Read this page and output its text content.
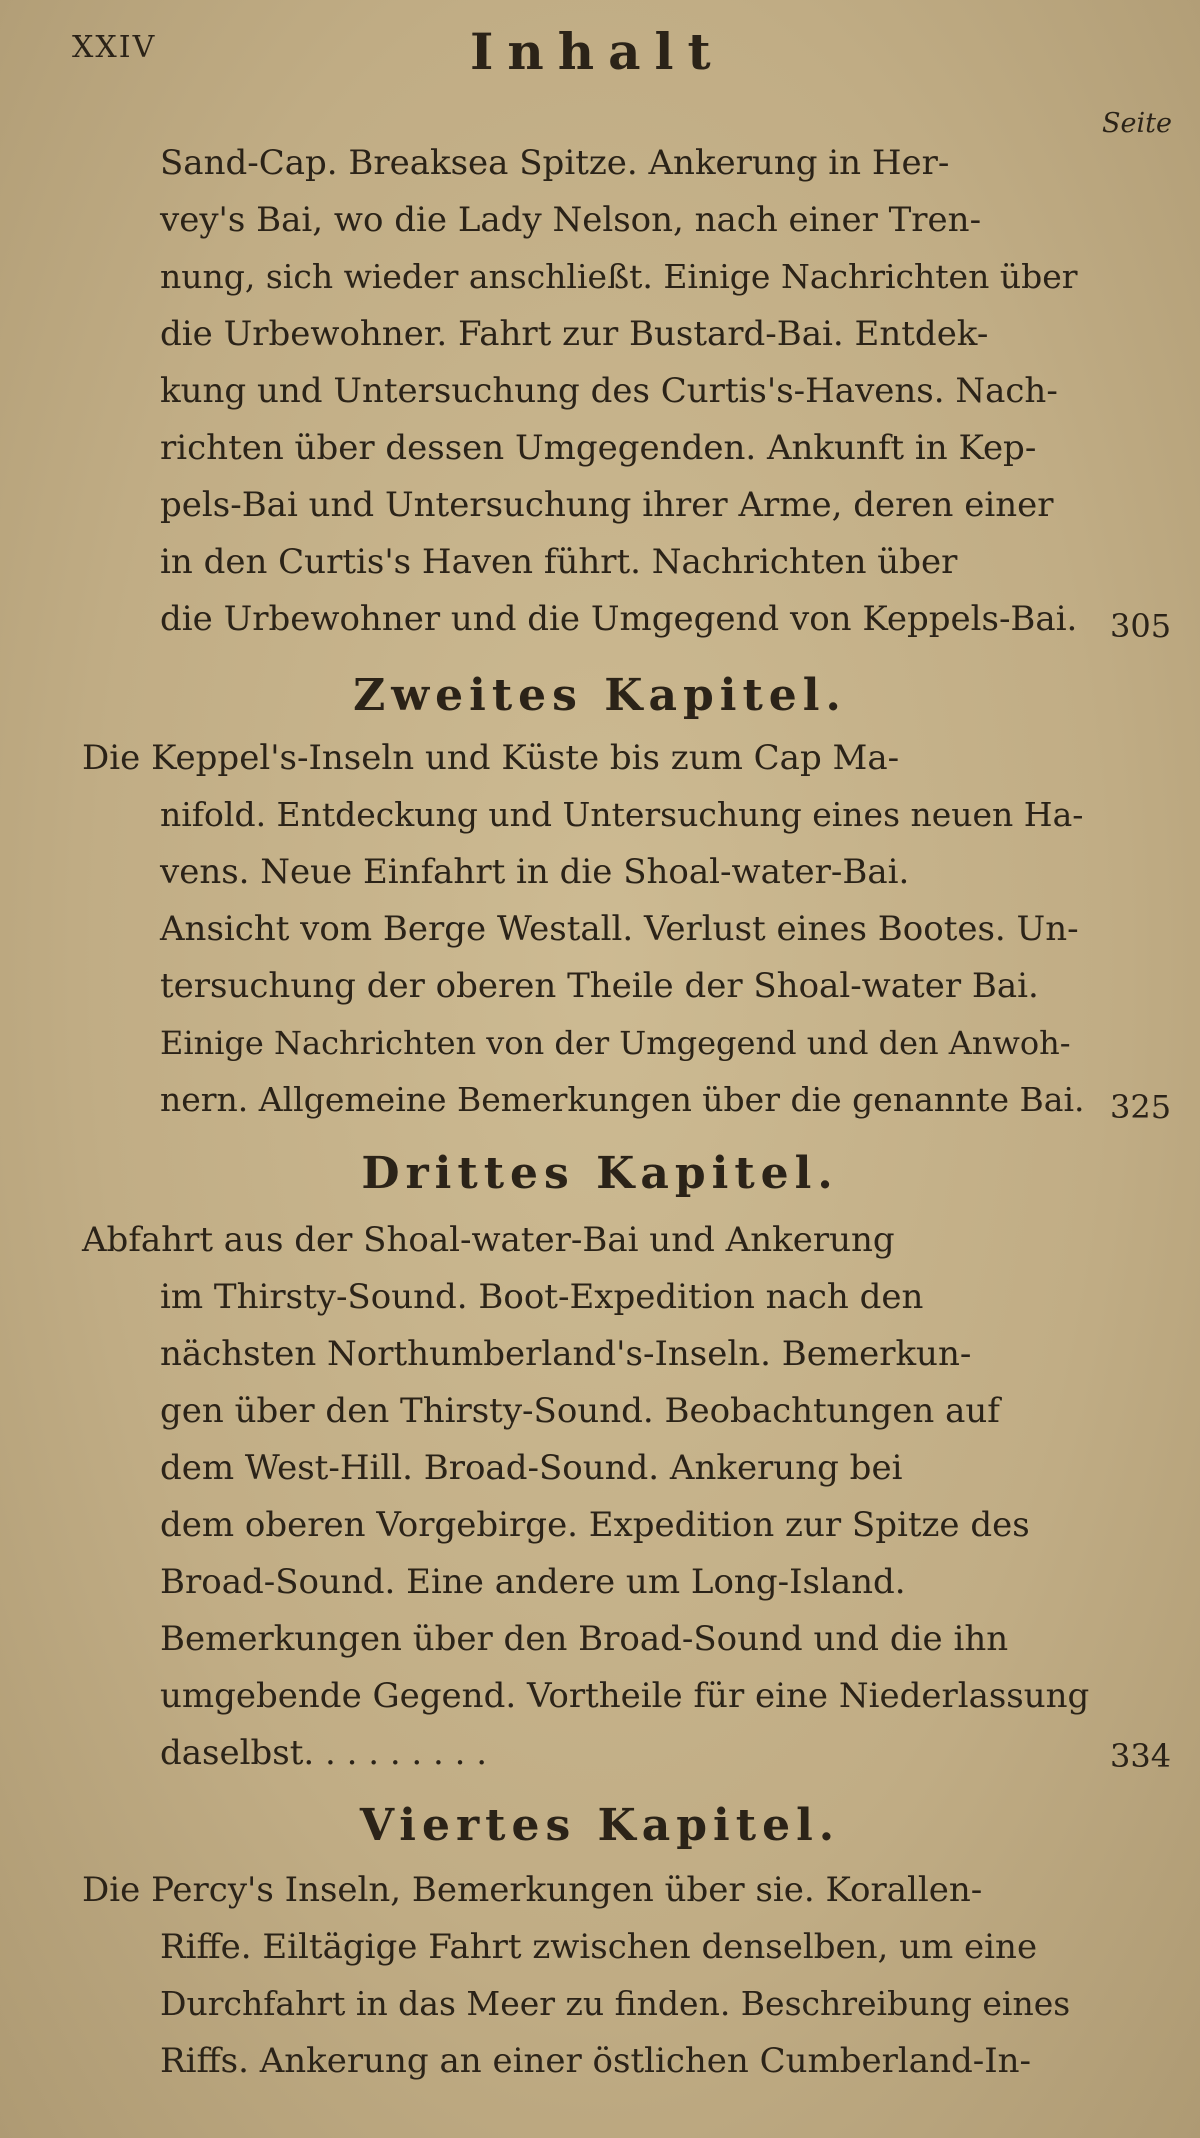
XXIV	Inhalt
Seite
Sand-Cap. Breaksea Spitze. Ankerung in Her-
vey's Bai, wo die Lady Nelson, nach einer Tren-
nung, sich wieder anschließt. Einige Nachrichten über
die Urbewohner. Fahrt zur Bustard-Bai. Entdek-
kung und Untersuchung des Curtis's-Havens. Nach-
richten über dessen Umgegenden. Ankunft in Kep-
pels-Bai und Untersuchung ihrer Arme, deren einer
in den Curtis's Haven führt. Nachrichten über
die Urbewohner und die Umgegend von Keppels-Bai. 305
Zweites Kapitel.
Die Keppel's-Inseln und Küste bis zum Cap Ma-
nifold. Entdeckung und Untersuchung eines neuen Ha-
vens. Neue Einfahrt in die Shoal-water-Bai.
Ansicht vom Berge Westall. Verlust eines Bootes. Un-
tersuchung der oberen Theile der Shoal-water Bai.
Einige Nachrichten von der Umgegend und den Anwoh-
nern. Allgemeine Bemerkungen über die genannte Bai. 325
Drittes Kapitel.
Abfahrt aus der Shoal-water-Bai und Ankerung
im Thirsty-Sound. Boot-Expedition nach den
nächsten Northumberland's-Inseln. Bemerkun-
gen über den Thirsty-Sound. Beobachtungen auf
dem West-Hill. Broad-Sound. Ankerung bei
dem oberen Vorgebirge. Expedition zur Spitze des
Broad-Sound. Eine andere um Long-Island.
Bemerkungen über den Broad-Sound und die ihn
umgebende Gegend. Vortheile für eine Niederlassung
daselbst. . . . . . . . .	334
Viertes Kapitel.
Die Percy's Inseln, Bemerkungen über sie. Korallen-
Riffe. Eiltägige Fahrt zwischen denselben, um eine
Durchfahrt in das Meer zu finden. Beschreibung eines
Riffs. Ankerung an einer östlichen Cumberland-In-
